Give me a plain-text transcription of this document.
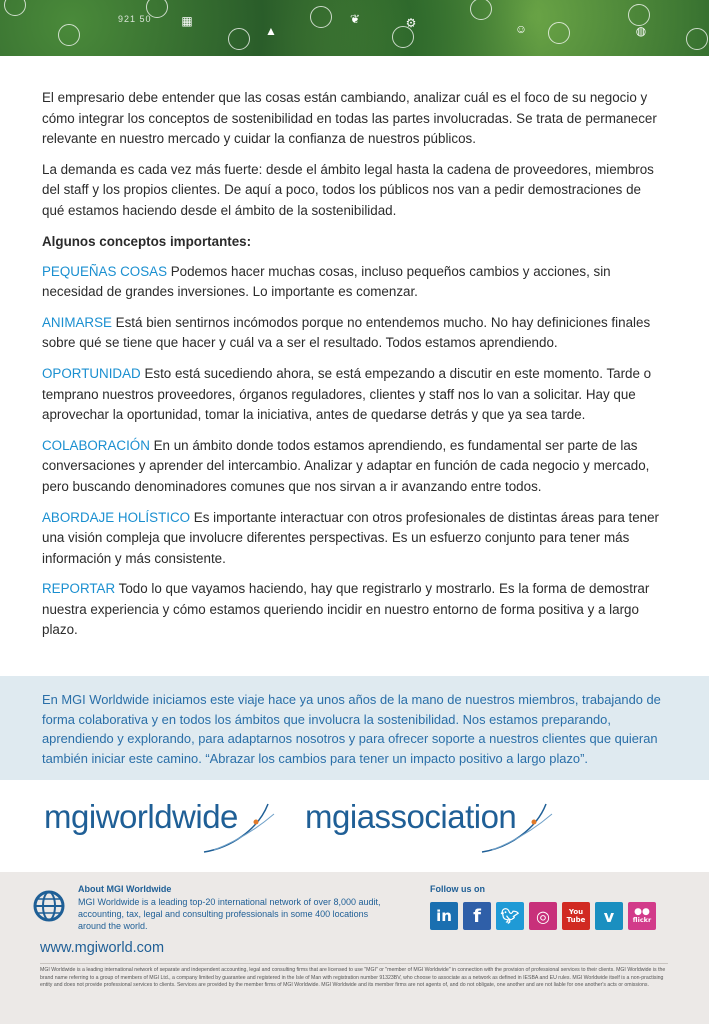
921 50 ▦
▲
❦	⚙	☺	◍

El empresario debe entender que las cosas están cambiando, analizar cuál es el foco de su negocio y cómo integrar los conceptos de sostenibilidad en todas las partes involucradas. Se trata de permanecer relevante en nuestro mercado y cuidar la confianza de nuestros públicos.

La demanda es cada vez más fuerte: desde el ámbito legal hasta la cadena de proveedores, miembros del staff y los propios clientes. De aquí a poco, todos los públicos nos van a pedir demostraciones de qué estamos haciendo desde el ámbito de la sostenibilidad.

Algunos conceptos importantes:

PEQUEÑAS COSAS Podemos hacer muchas cosas, incluso pequeños cambios y acciones, sin necesidad de grandes inversiones. Lo importante es comenzar.

ANIMARSE Está bien sentirnos incómodos porque no entendemos mucho. No hay definiciones finales sobre qué se tiene que hacer y cuál va a ser el resultado. Todos estamos aprendiendo.

OPORTUNIDAD Esto está sucediendo ahora, se está empezando a discutir en este momento. Tarde o temprano nuestros proveedores, órganos reguladores, clientes y staff nos lo van a solicitar. Hay que aprovechar la oportunidad, tomar la iniciativa, antes de quedarse detrás y que ya sea tarde.

COLABORACIÓN En un ámbito donde todos estamos aprendiendo, es fundamental ser parte de las conversaciones y aprender del intercambio. Analizar y adaptar en función de cada negocio y mercado, pero buscando denominadores comunes que nos sirvan a ir avanzando entre todos.

ABORDAJE HOLÍSTICO Es importante interactuar con otros profesionales de distintas áreas para tener una visión compleja que involucre diferentes perspectivas. Es un esfuerzo conjunto para tener más información y más consistente.

REPORTAR Todo lo que vayamos haciendo, hay que registrarlo y mostrarlo. Es la forma de demostrar nuestra experiencia y cómo estamos queriendo incidir en nuestro entorno de forma positiva y a largo plazo.

En MGI Worldwide iniciamos este viaje hace ya unos años de la mano de nuestros miembros, trabajando de forma colaborativa y en todos los ámbitos que involucra la sostenibilidad. Nos estamos preparando, aprendiendo y explorando, para adaptarnos nosotros y para ofrecer soporte a nuestros clientes que quieran también iniciar este camino. “Abrazar los cambios para tener un impacto positivo a largo plazo”.

mgiworldwide mgiassociation
About MGI Worldwide
MGI Worldwide is a leading top-20 international network of over 8,000 audit, accounting, tax, legal and consulting professionals in some 400 locations around the world.
www.mgiworld.com
Follow us on
in	f	🐦︎	◎	You
Tube	v	●●
flickr

MGI Worldwide is a leading international network of separate and independent accounting, legal and consulting firms that are licensed to use "MGI" or "member of MGI Worldwide" in connection with the provision of professional services to their clients. MGI Worldwide is the brand name referring to a group of members of MGI Ltd., a company limited by guarantee and registered in the Isle of Man with registration number 91323BV, who choose to associate as a network as defined in IESBA and EU rules. MGI Worldwide itself is a non-practising entity and does not provide professional services to clients. Services are provided by the member firms of MGI Worldwide. MGI Worldwide and its member firms are not agents of, and do not obligate, one another and are not liable for one another's acts or omissions.
